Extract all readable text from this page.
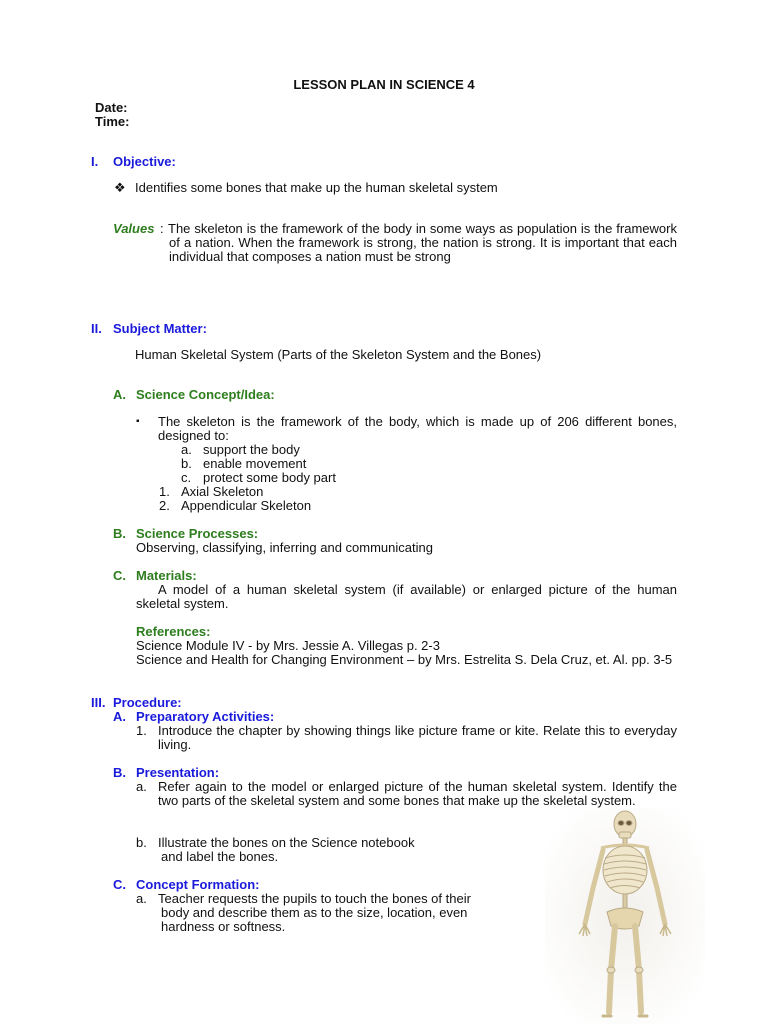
LESSON PLAN IN SCIENCE 4
Date:
Time:
I. Objective:
❖ Identifies some bones that make up the human skeletal system
Values : The skeleton is the framework of the body in some ways as population is the framework of a nation. When the framework is strong, the nation is strong. It is important that each individual that composes a nation must be strong
II. Subject Matter:
Human Skeletal System (Parts of the Skeleton System and the Bones)
A. Science Concept/Idea:
▪ The skeleton is the framework of the body, which is made up of 206 different bones, designed to:
a. support the body
b. enable movement
c. protect some body part
1. Axial Skeleton
2. Appendicular Skeleton
B. Science Processes:
Observing, classifying, inferring and communicating
C. Materials:
A model of a human skeletal system (if available) or enlarged picture of the human skeletal system.
References:
Science Module IV - by Mrs. Jessie A. Villegas p. 2-3
Science and Health for Changing Environment – by Mrs. Estrelita S. Dela Cruz, et. Al. pp. 3-5
III. Procedure:
A. Preparatory Activities:
1. Introduce the chapter by showing things like picture frame or kite. Relate this to everyday living.
B. Presentation:
a. Refer again to the model or enlarged picture of the human skeletal system. Identify the two parts of the skeletal system and some bones that make up the skeletal system.
b. Illustrate the bones on the Science notebook
and label the bones.
C. Concept Formation:
a. Teacher requests the pupils to touch the bones of their
body and describe them as to the size, location, even
hardness or softness.
